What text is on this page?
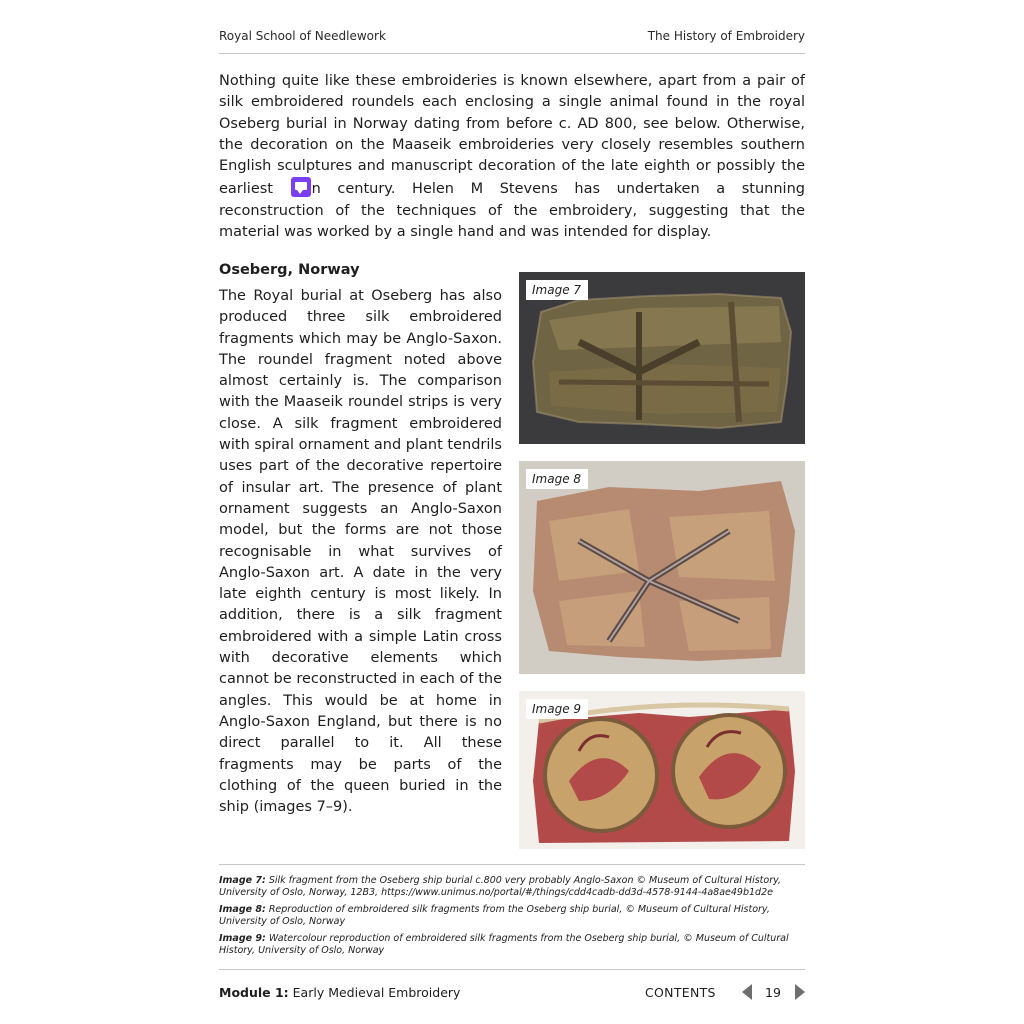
Royal School of Needlework	The History of Embroidery
Nothing quite like these embroideries is known elsewhere, apart from a pair of silk embroidered roundels each enclosing a single animal found in the royal Oseberg burial in Norway dating from before c. AD 800, see below. Otherwise, the decoration on the Maaseik embroideries very closely resembles southern English sculptures and manuscript decoration of the late eighth or possibly the earliest n century. Helen M Stevens has undertaken a stunning reconstruction of the techniques of the embroidery, suggesting that the material was worked by a single hand and was intended for display.
Oseberg, Norway
The Royal burial at Oseberg has also produced three silk embroidered fragments which may be Anglo-Saxon. The roundel fragment noted above almost certainly is. The comparison with the Maaseik roundel strips is very close. A silk fragment embroidered with spiral ornament and plant tendrils uses part of the decorative repertoire of insular art. The presence of plant ornament suggests an Anglo-Saxon model, but the forms are not those recognisable in what survives of Anglo-Saxon art. A date in the very late eighth century is most likely. In addition, there is a silk fragment embroidered with a simple Latin cross with decorative elements which cannot be reconstructed in each of the angles. This would be at home in Anglo-Saxon England, but there is no direct parallel to it. All these fragments may be parts of the clothing of the queen buried in the ship (images 7–9).
Image 7
Image 8
Image 9
Image 7: Silk fragment from the Oseberg ship burial c.800 very probably Anglo-Saxon © Museum of Cultural History, University of Oslo, Norway, 12B3, https://www.unimus.no/portal/#/things/cdd4cadb-dd3d-4578-9144-4a8ae49b1d2e
Image 8: Reproduction of embroidered silk fragments from the Oseberg ship burial, © Museum of Cultural History, University of Oslo, Norway
Image 9: Watercolour reproduction of embroidered silk fragments from the Oseberg ship burial, © Museum of Cultural History, University of Oslo, Norway
Module 1: Early Medieval Embroidery	CONTENTS	19
